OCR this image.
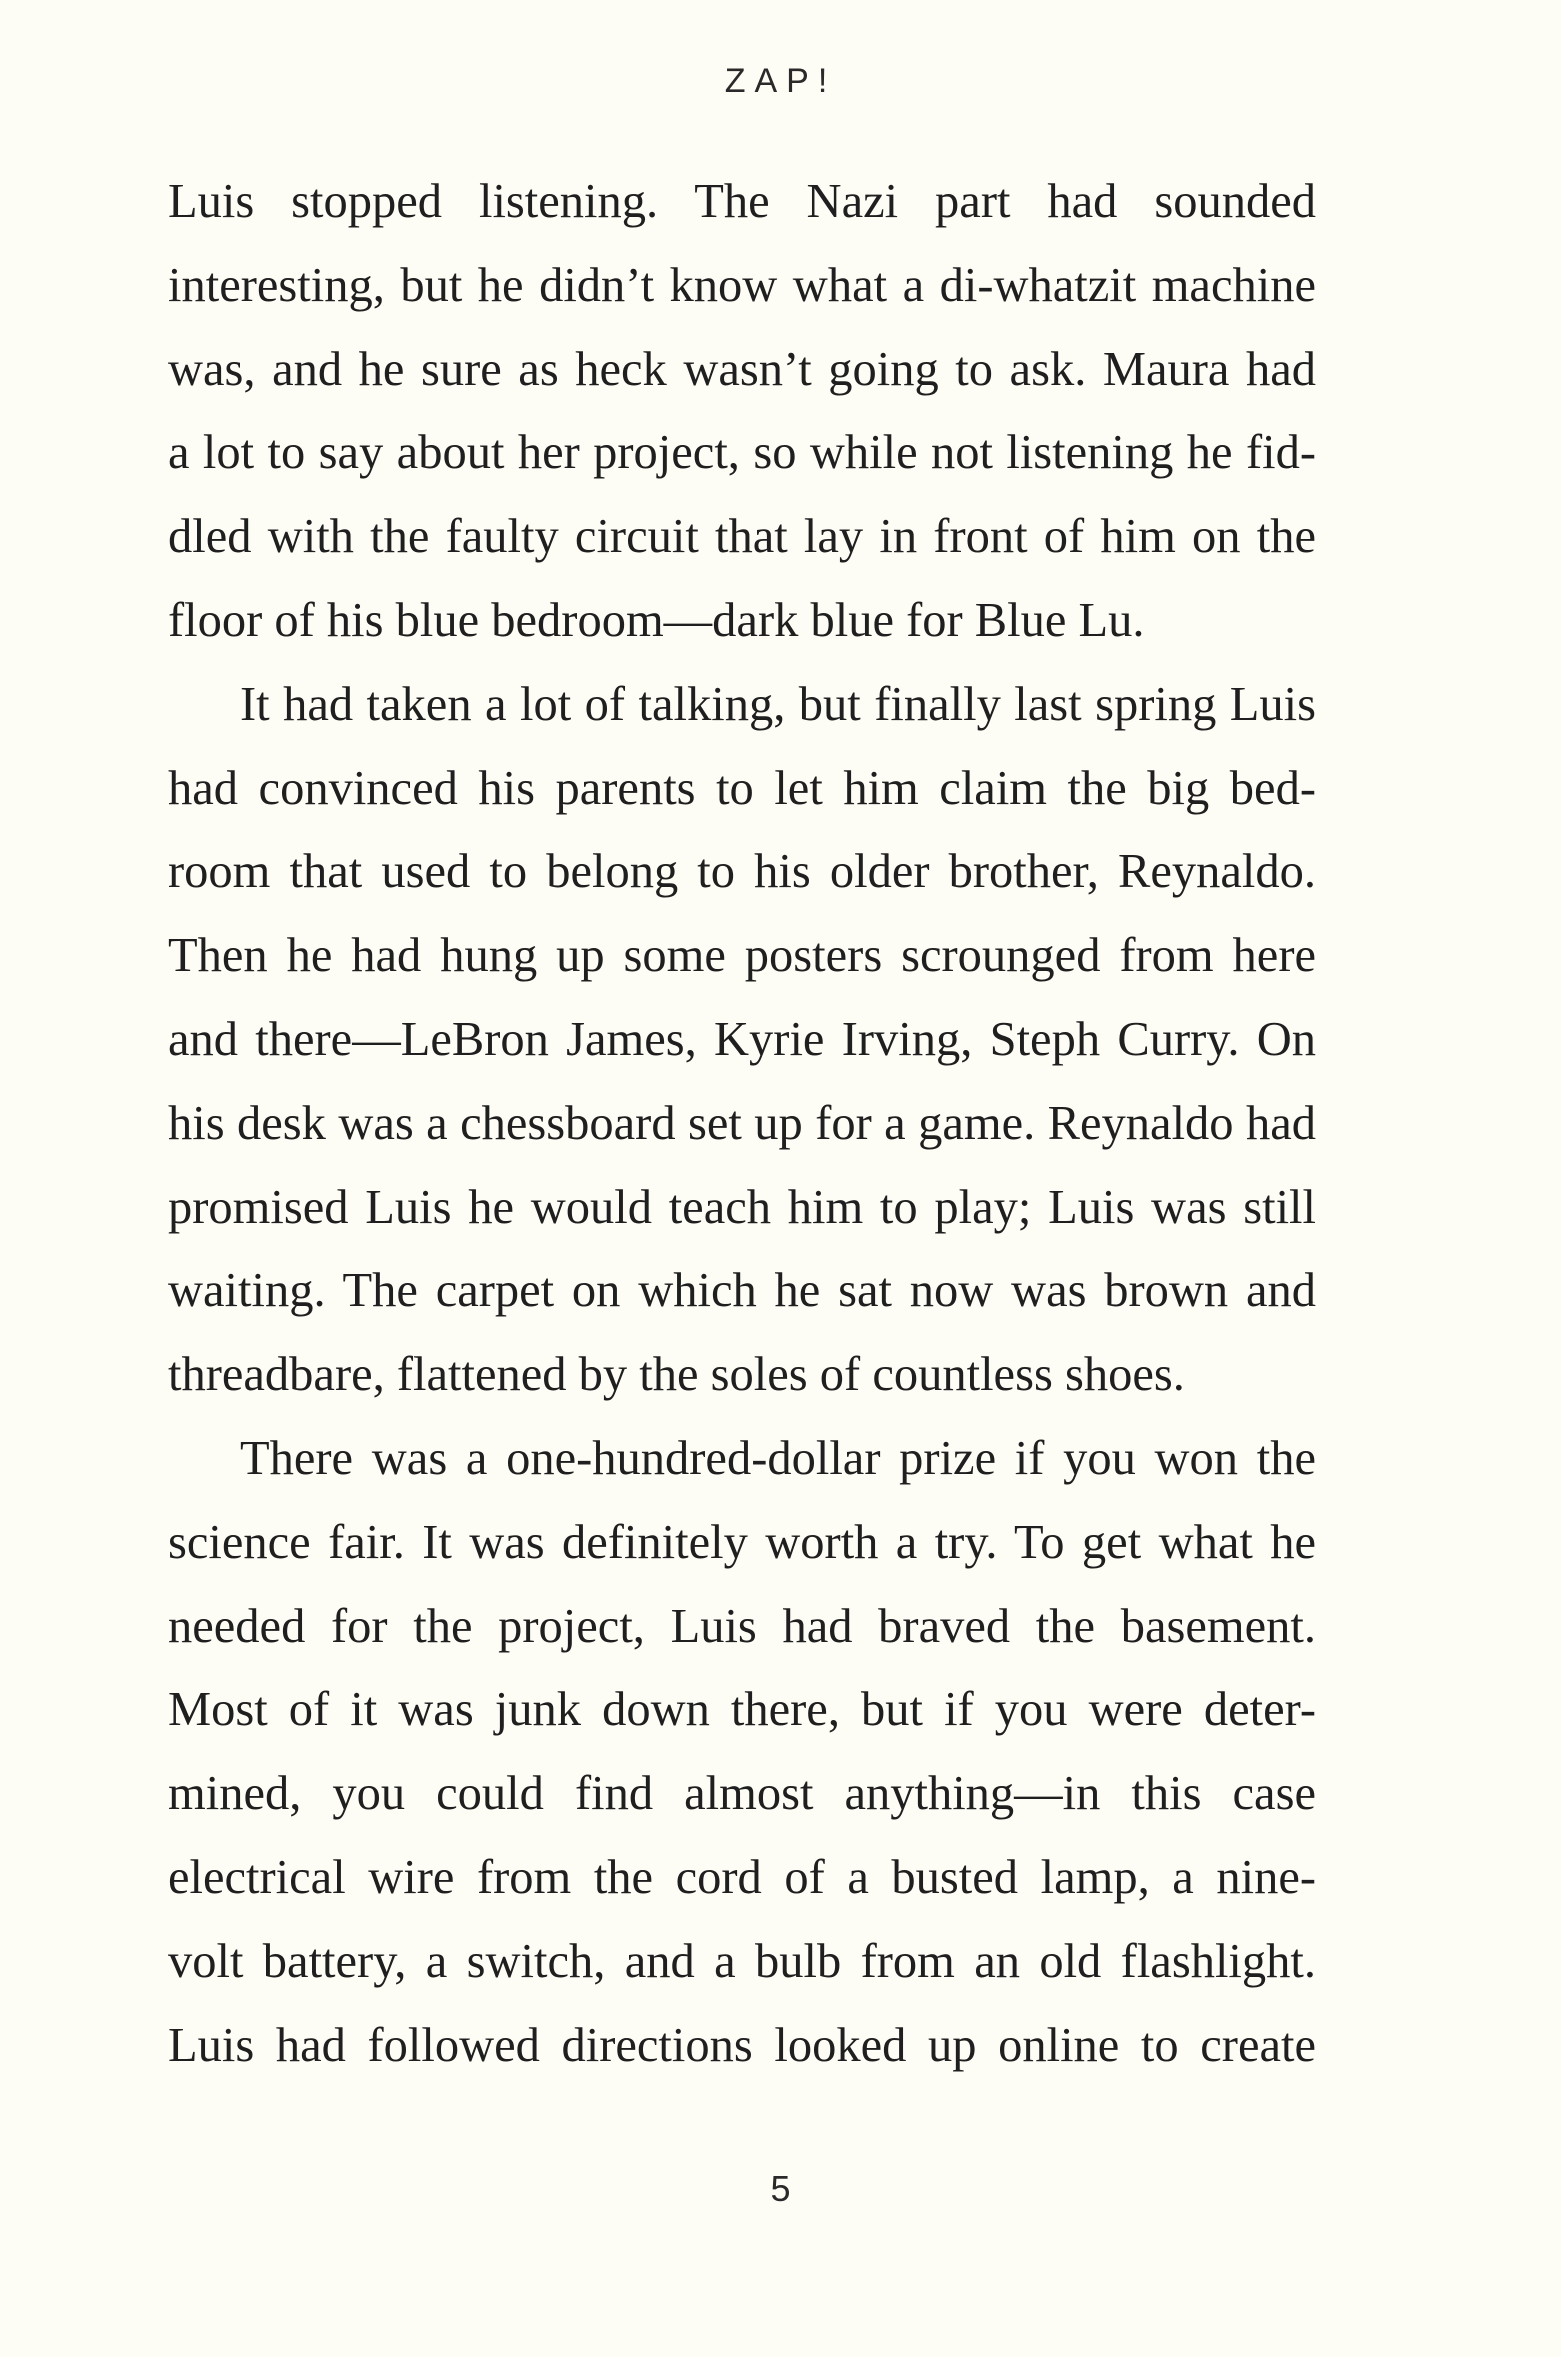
ZAP!
Luis stopped listening. The Nazi part had sounded
interesting, but he didn’t know what a di-whatzit machine
was, and he sure as heck wasn’t going to ask. Maura had
a lot to say about her project, so while not listening he fid-
dled with the faulty circuit that lay in front of him on the
floor of his blue bedroom—dark blue for Blue Lu.
It had taken a lot of talking, but finally last spring Luis
had convinced his parents to let him claim the big bed-
room that used to belong to his older brother, Reynaldo.
Then he had hung up some posters scrounged from here
and there—LeBron James, Kyrie Irving, Steph Curry. On
his desk was a chessboard set up for a game. Reynaldo had
promised Luis he would teach him to play; Luis was still
waiting. The carpet on which he sat now was brown and
threadbare, flattened by the soles of countless shoes.
There was a one-hundred-dollar prize if you won the
science fair. It was definitely worth a try. To get what he
needed for the project, Luis had braved the basement.
Most of it was junk down there, but if you were deter-
mined, you could find almost anything—in this case
electrical wire from the cord of a busted lamp, a nine-
volt battery, a switch, and a bulb from an old flashlight.
Luis had followed directions looked up online to create
5
